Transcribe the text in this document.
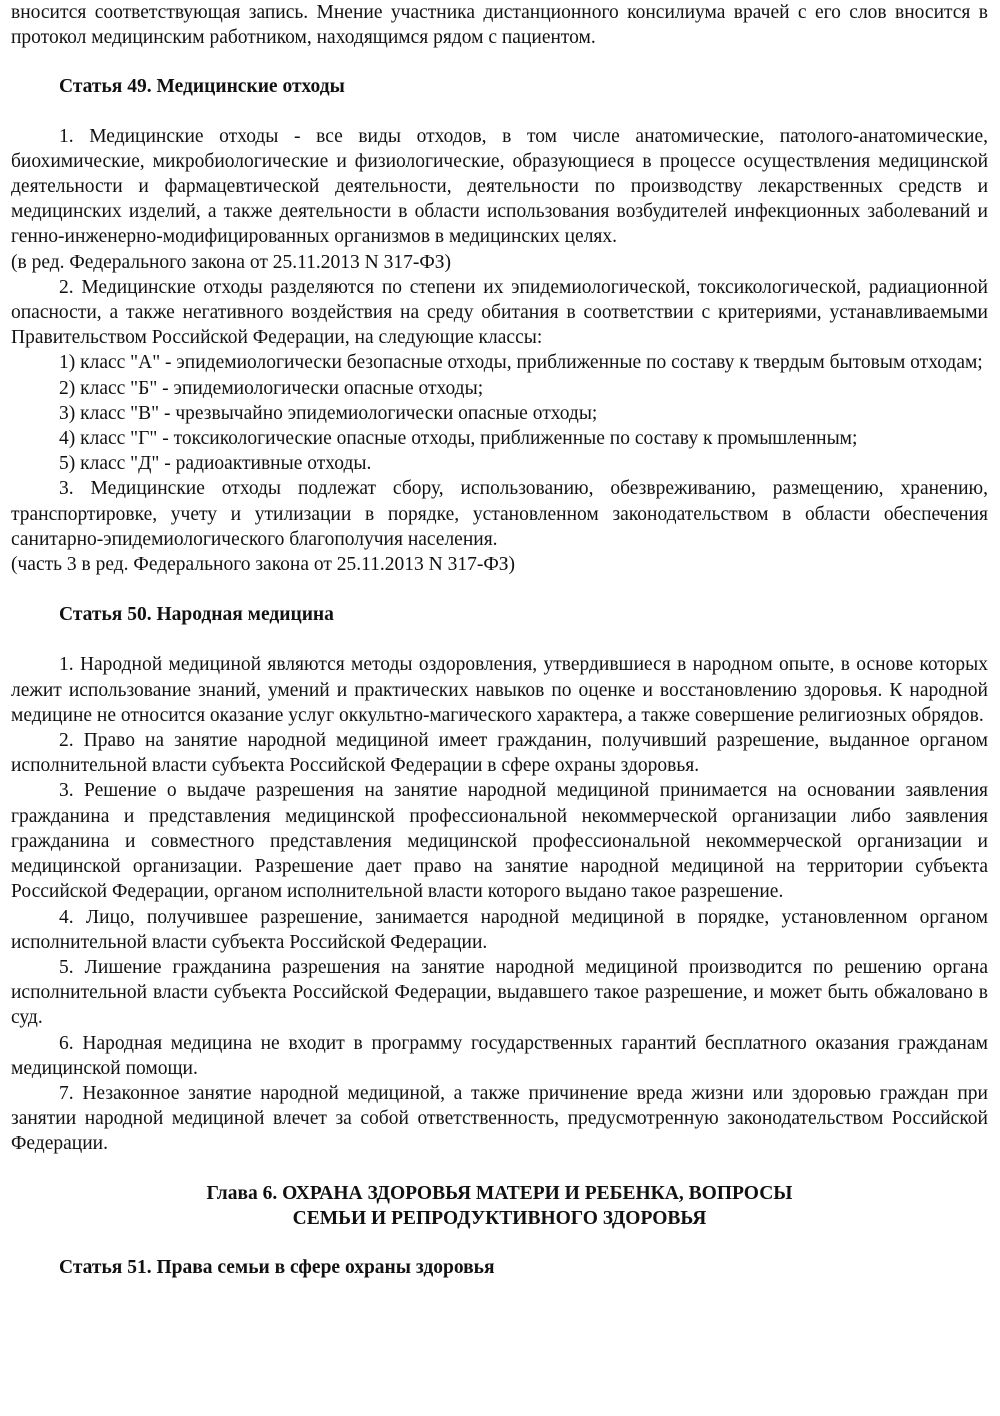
вносится соответствующая запись. Мнение участника дистанционного консилиума врачей с его слов вносится в протокол медицинским работником, находящимся рядом с пациентом.

Статья 49. Медицинские отходы

1. Медицинские отходы - все виды отходов, в том числе анатомические, патолого-анатомические, биохимические, микробиологические и физиологические, образующиеся в процессе осуществления медицинской деятельности и фармацевтической деятельности, деятельности по производству лекарственных средств и медицинских изделий, а также деятельности в области использования возбудителей инфекционных заболеваний и генно-инженерно-модифицированных организмов в медицинских целях.

(в ред. Федерального закона от 25.11.2013 N 317-ФЗ)

2. Медицинские отходы разделяются по степени их эпидемиологической, токсикологической, радиационной опасности, а также негативного воздействия на среду обитания в соответствии с критериями, устанавливаемыми Правительством Российской Федерации, на следующие классы:

1) класс "А" - эпидемиологически безопасные отходы, приближенные по составу к твердым бытовым отходам;

2) класс "Б" - эпидемиологически опасные отходы;

3) класс "В" - чрезвычайно эпидемиологически опасные отходы;

4) класс "Г" - токсикологические опасные отходы, приближенные по составу к промышленным;

5) класс "Д" - радиоактивные отходы.

3. Медицинские отходы подлежат сбору, использованию, обезвреживанию, размещению, хранению, транспортировке, учету и утилизации в порядке, установленном законодательством в области обеспечения санитарно-эпидемиологического благополучия населения.

(часть 3 в ред. Федерального закона от 25.11.2013 N 317-ФЗ)

Статья 50. Народная медицина

1. Народной медициной являются методы оздоровления, утвердившиеся в народном опыте, в основе которых лежит использование знаний, умений и практических навыков по оценке и восстановлению здоровья. К народной медицине не относится оказание услуг оккультно-магического характера, а также совершение религиозных обрядов.

2. Право на занятие народной медициной имеет гражданин, получивший разрешение, выданное органом исполнительной власти субъекта Российской Федерации в сфере охраны здоровья.

3. Решение о выдаче разрешения на занятие народной медициной принимается на основании заявления гражданина и представления медицинской профессиональной некоммерческой организации либо заявления гражданина и совместного представления медицинской профессиональной некоммерческой организации и медицинской организации. Разрешение дает право на занятие народной медициной на территории субъекта Российской Федерации, органом исполнительной власти которого выдано такое разрешение.

4. Лицо, получившее разрешение, занимается народной медициной в порядке, установленном органом исполнительной власти субъекта Российской Федерации.

5. Лишение гражданина разрешения на занятие народной медициной производится по решению органа исполнительной власти субъекта Российской Федерации, выдавшего такое разрешение, и может быть обжаловано в суд.

6. Народная медицина не входит в программу государственных гарантий бесплатного оказания гражданам медицинской помощи.

7. Незаконное занятие народной медициной, а также причинение вреда жизни или здоровью граждан при занятии народной медициной влечет за собой ответственность, предусмотренную законодательством Российской Федерации.

Глава 6. ОХРАНА ЗДОРОВЬЯ МАТЕРИ И РЕБЕНКА, ВОПРОСЫ
СЕМЬИ И РЕПРОДУКТИВНОГО ЗДОРОВЬЯ

Статья 51. Права семьи в сфере охраны здоровья
